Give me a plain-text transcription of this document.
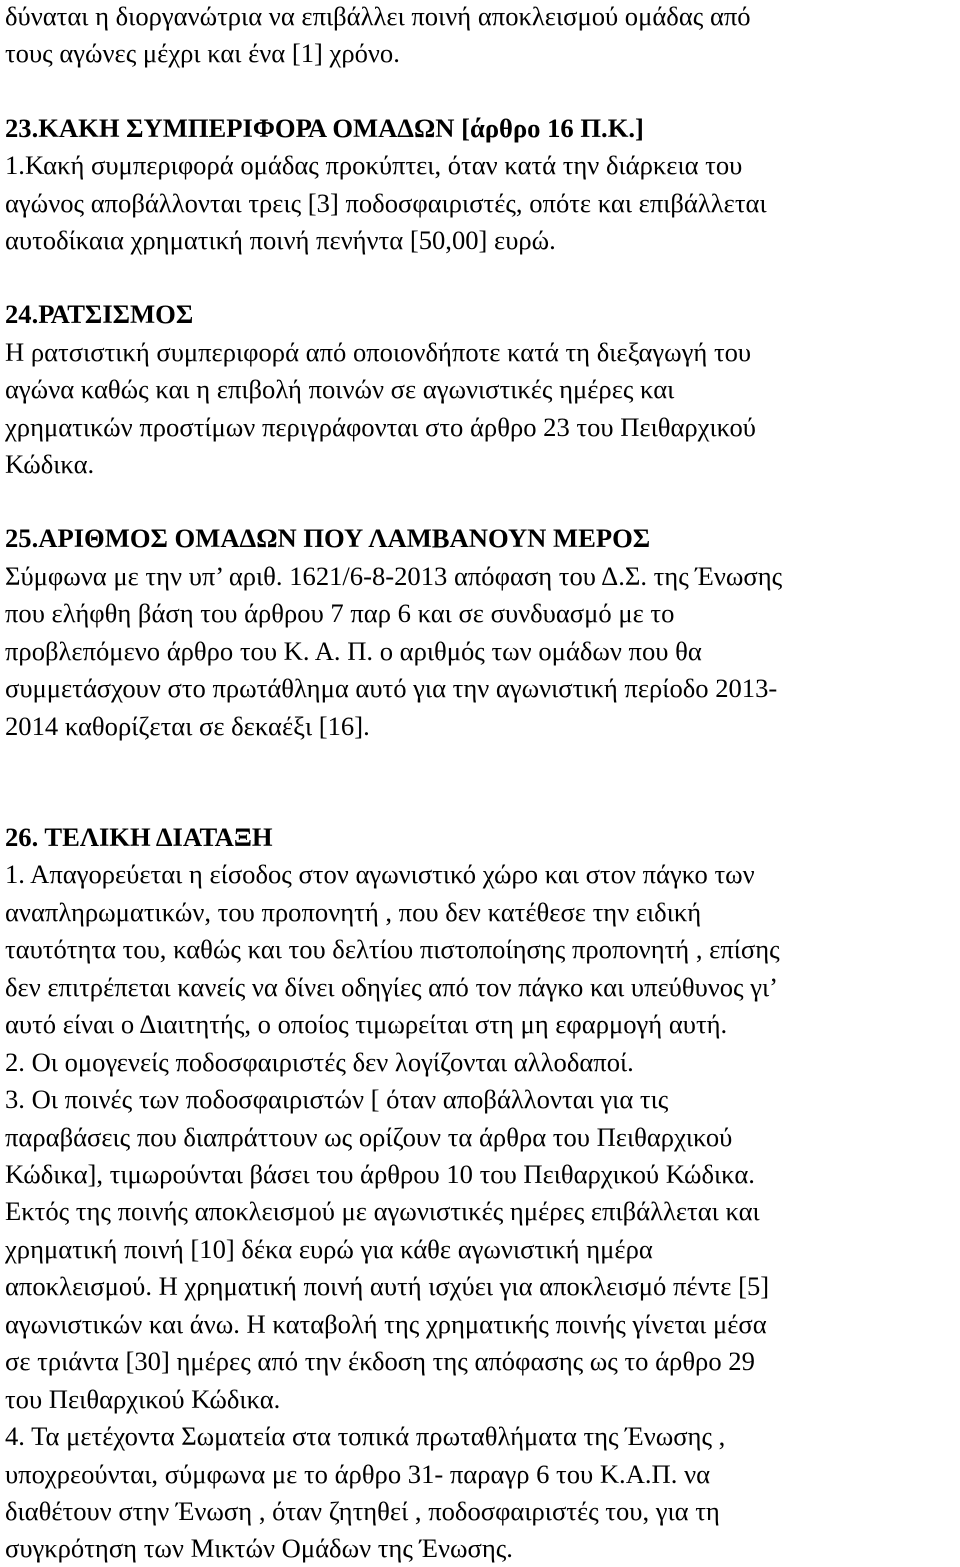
δύναται η διοργανώτρια να επιβάλλει ποινή αποκλεισμού ομάδας από
τους αγώνες μέχρι και ένα [1] χρόνο.
23.ΚΑΚΗ ΣΥΜΠΕΡΙΦΟΡΑ ΟΜΑΔΩΝ [άρθρο 16 Π.Κ.]
1.Κακή συμπεριφορά ομάδας προκύπτει, όταν κατά την διάρκεια του
αγώνος αποβάλλονται τρεις [3] ποδοσφαιριστές, οπότε και επιβάλλεται
αυτοδίκαια χρηματική ποινή πενήντα [50,00] ευρώ.
24.ΡΑΤΣΙΣΜΟΣ
Η ρατσιστική συμπεριφορά από οποιονδήποτε κατά τη διεξαγωγή του
αγώνα καθώς και η επιβολή ποινών σε αγωνιστικές ημέρες και
χρηματικών προστίμων περιγράφονται στο άρθρο 23 του Πειθαρχικού
Κώδικα.
25.ΑΡΙΘΜΟΣ ΟΜΑΔΩΝ ΠΟΥ ΛΑΜΒΑΝΟΥΝ ΜΕΡΟΣ
Σύμφωνα με την υπ’ αριθ. 1621/6-8-2013 απόφαση του Δ.Σ. της Ένωσης
που ελήφθη βάση του άρθρου 7 παρ 6 και σε συνδυασμό με το
προβλεπόμενο άρθρο του Κ. Α. Π. ο αριθμός των ομάδων που θα
συμμετάσχουν στο πρωτάθλημα αυτό για την αγωνιστική περίοδο 2013-
2014 καθορίζεται σε δεκαέξι [16].
26. ΤΕΛΙΚΗ ΔΙΑΤΑΞΗ
1. Απαγορεύεται η είσοδος στον αγωνιστικό χώρο και στον πάγκο των
αναπληρωματικών, του προπονητή , που δεν κατέθεσε την ειδική
ταυτότητα του, καθώς και του δελτίου πιστοποίησης προπονητή , επίσης
δεν επιτρέπεται κανείς να δίνει οδηγίες από τον πάγκο και υπεύθυνος γι’
αυτό είναι ο Διαιτητής, ο οποίος τιμωρείται στη μη εφαρμογή αυτή.
2. Οι ομογενείς ποδοσφαιριστές δεν λογίζονται αλλοδαποί.
3. Οι ποινές των ποδοσφαιριστών [ όταν αποβάλλονται για τις
παραβάσεις που διαπράττουν ως ορίζουν τα άρθρα του Πειθαρχικού
Κώδικα], τιμωρούνται βάσει του άρθρου 10 του Πειθαρχικού Κώδικα.
Εκτός της ποινής αποκλεισμού με αγωνιστικές ημέρες επιβάλλεται και
χρηματική ποινή [10] δέκα ευρώ για κάθε αγωνιστική ημέρα
αποκλεισμού. Η χρηματική ποινή αυτή ισχύει για αποκλεισμό πέντε [5]
αγωνιστικών και άνω. Η καταβολή της χρηματικής ποινής γίνεται μέσα
σε τριάντα [30] ημέρες από την έκδοση της απόφασης ως το άρθρο 29
του Πειθαρχικού Κώδικα.
4. Τα μετέχοντα Σωματεία στα τοπικά πρωταθλήματα της Ένωσης ,
υποχρεούνται, σύμφωνα με το άρθρο 31- παραγρ 6 του Κ.Α.Π. να
διαθέτουν στην Ένωση , όταν ζητηθεί , ποδοσφαιριστές του, για τη
συγκρότηση των Μικτών Ομάδων της Ένωσης.
